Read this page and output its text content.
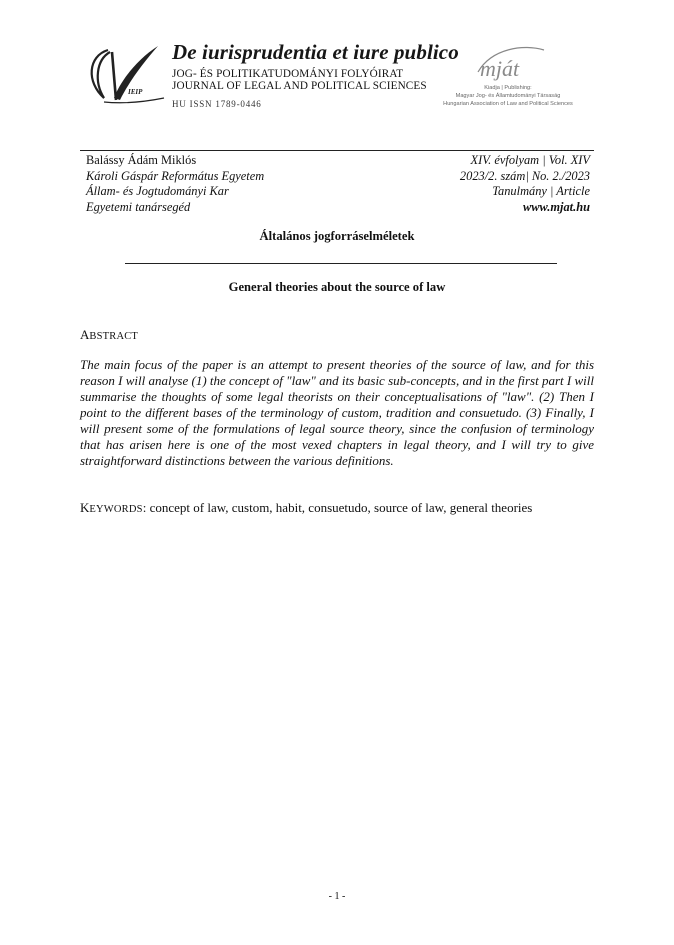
IEIP
De iurisprudentia et iure publico
JOG- ÉS POLITIKATUDOMÁNYI FOLYÓIRAT
JOURNAL OF LEGAL AND POLITICAL SCIENCES
HU ISSN 1789-0446
mját
Kiadja | Publishing:
Magyar Jog- és Államtudományi Társaság
Hungarian Association of Law and Political Sciences
Balássy Ádám Miklós
Károli Gáspár Református Egyetem
Állam- és Jogtudományi Kar
Egyetemi tanársegéd
XIV. évfolyam | Vol. XIV
2023/2. szám| No. 2./2023
Tanulmány | Article
www.mjat.hu
Általános jogforráselméletek
General theories about the source of law
ABSTRACT
The main focus of the paper is an attempt to present theories of the source of law, and for this reason I will analyse (1) the concept of "law" and its basic sub-concepts, and in the first part I will summarise the thoughts of some legal theorists on their conceptualisations of "law". (2) Then I point to the different bases of the terminology of custom, tradition and consuetudo. (3) Finally, I will present some of the formulations of legal source theory, since the confusion of terminology that has arisen here is one of the most vexed chapters in legal theory, and I will try to give straightforward distinctions between the various definitions.
KEYWORDS: concept of law, custom, habit, consuetudo, source of law, general theories
- 1 -
